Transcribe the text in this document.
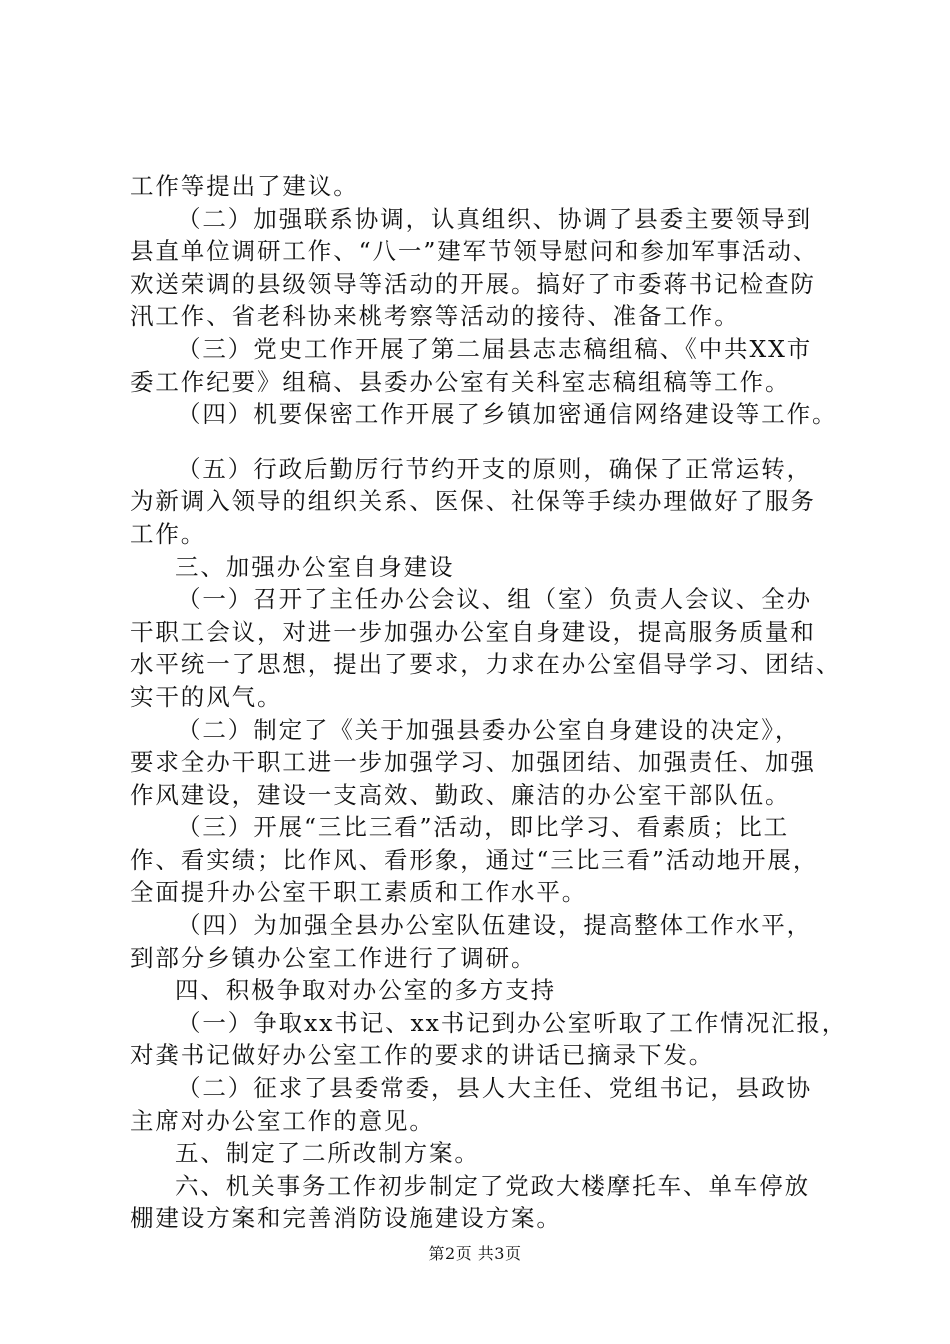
工作等提出了建议。
（二）加强联系协调，认真组织、协调了县委主要领导到
县直单位调研工作、“八一”建军节领导慰问和参加军事活动、
欢送荣调的县级领导等活动的开展。搞好了市委蒋书记检查防
汛工作、省老科协来桃考察等活动的接待、准备工作。
（三）党史工作开展了第二届县志志稿组稿、《中共XX市
委工作纪要》组稿、县委办公室有关科室志稿组稿等工作。
（四）机要保密工作开展了乡镇加密通信网络建设等工作。
（五）行政后勤厉行节约开支的原则，确保了正常运转，
为新调入领导的组织关系、医保、社保等手续办理做好了服务
工作。
三、加强办公室自身建设
（一）召开了主任办公会议、组（室）负责人会议、全办
干职工会议，对进一步加强办公室自身建设，提高服务质量和
水平统一了思想，提出了要求，力求在办公室倡导学习、团结、
实干的风气。
（二）制定了《关于加强县委办公室自身建设的决定》，
要求全办干职工进一步加强学习、加强团结、加强责任、加强
作风建设，建设一支高效、勤政、廉洁的办公室干部队伍。
（三）开展“三比三看”活动，即比学习、看素质；比工
作、看实绩；比作风、看形象，通过“三比三看”活动地开展，
全面提升办公室干职工素质和工作水平。
（四）为加强全县办公室队伍建设，提高整体工作水平，
到部分乡镇办公室工作进行了调研。
四、积极争取对办公室的多方支持
（一）争取xx书记、xx书记到办公室听取了工作情况汇报，
对龚书记做好办公室工作的要求的讲话已摘录下发。
（二）征求了县委常委，县人大主任、党组书记，县政协
主席对办公室工作的意见。
五、制定了二所改制方案。
六、机关事务工作初步制定了党政大楼摩托车、单车停放
棚建设方案和完善消防设施建设方案。
第2页 共3页
